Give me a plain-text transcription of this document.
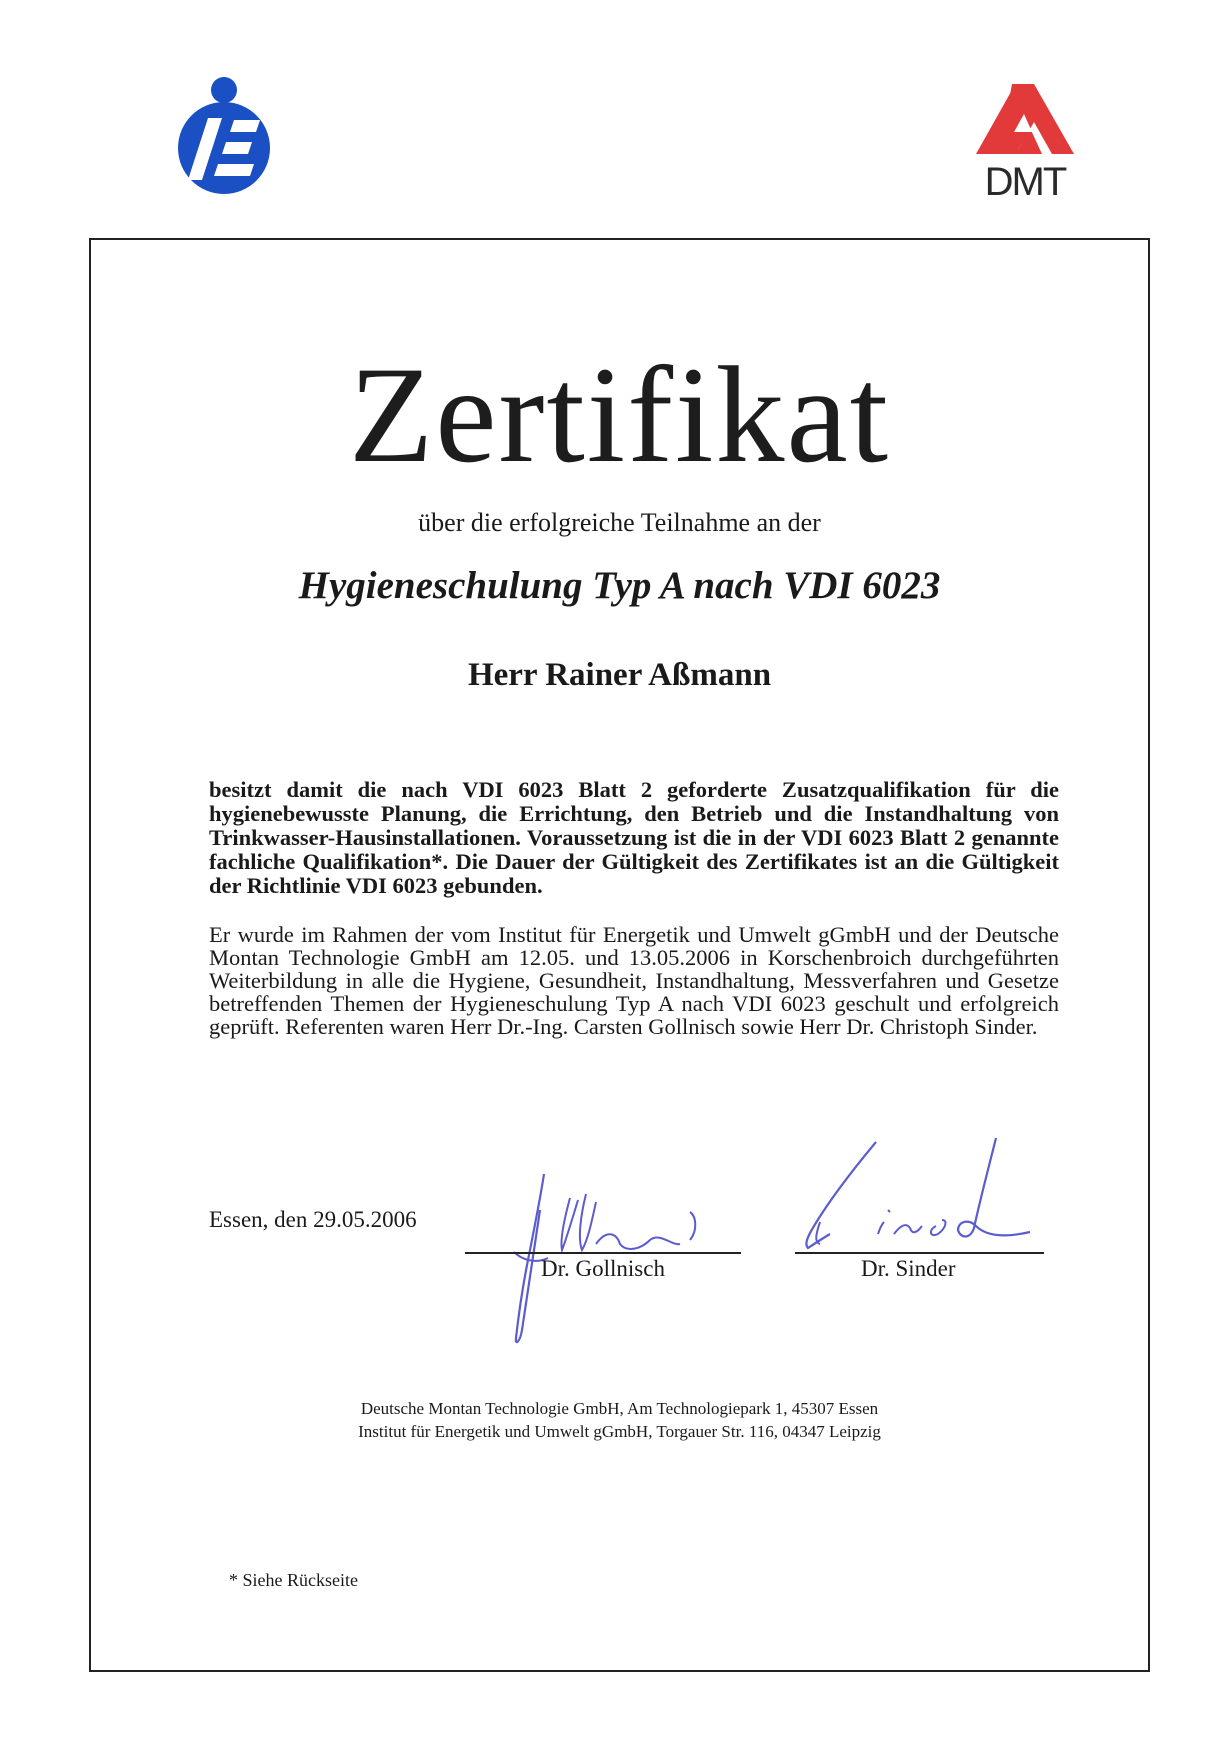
DMT
Zertifikat
über die erfolgreiche Teilnahme an der
Hygieneschulung Typ A nach VDI 6023
Herr Rainer Aßmann
besitzt damit die nach VDI 6023 Blatt 2 geforderte Zusatzqualifikation für die hygienebewusste Planung, die Errichtung, den Betrieb und die Instandhaltung von Trinkwasser-Hausinstallationen. Voraussetzung ist die in der VDI 6023 Blatt 2 genannte fachliche Qualifikation*. Die Dauer der Gültigkeit des Zertifikates ist an die Gültigkeit der Richtlinie VDI 6023 gebunden.
Er wurde im Rahmen der vom Institut für Energetik und Umwelt gGmbH und der Deutsche Montan Technologie GmbH am 12.05. und 13.05.2006 in Korschenbroich durchgeführten Weiterbildung in alle die Hygiene, Gesundheit, Instandhaltung, Messverfahren und Gesetze betreffenden Themen der Hygieneschulung Typ A nach VDI 6023 geschult und erfolgreich geprüft. Referenten waren Herr Dr.-Ing. Carsten Gollnisch sowie Herr Dr. Christoph Sinder.
Essen, den 29.05.2006
Dr. Gollnisch	Dr. Sinder
Deutsche Montan Technologie GmbH, Am Technologiepark 1, 45307 Essen
Institut für Energetik und Umwelt gGmbH, Torgauer Str. 116, 04347 Leipzig
* Siehe Rückseite
